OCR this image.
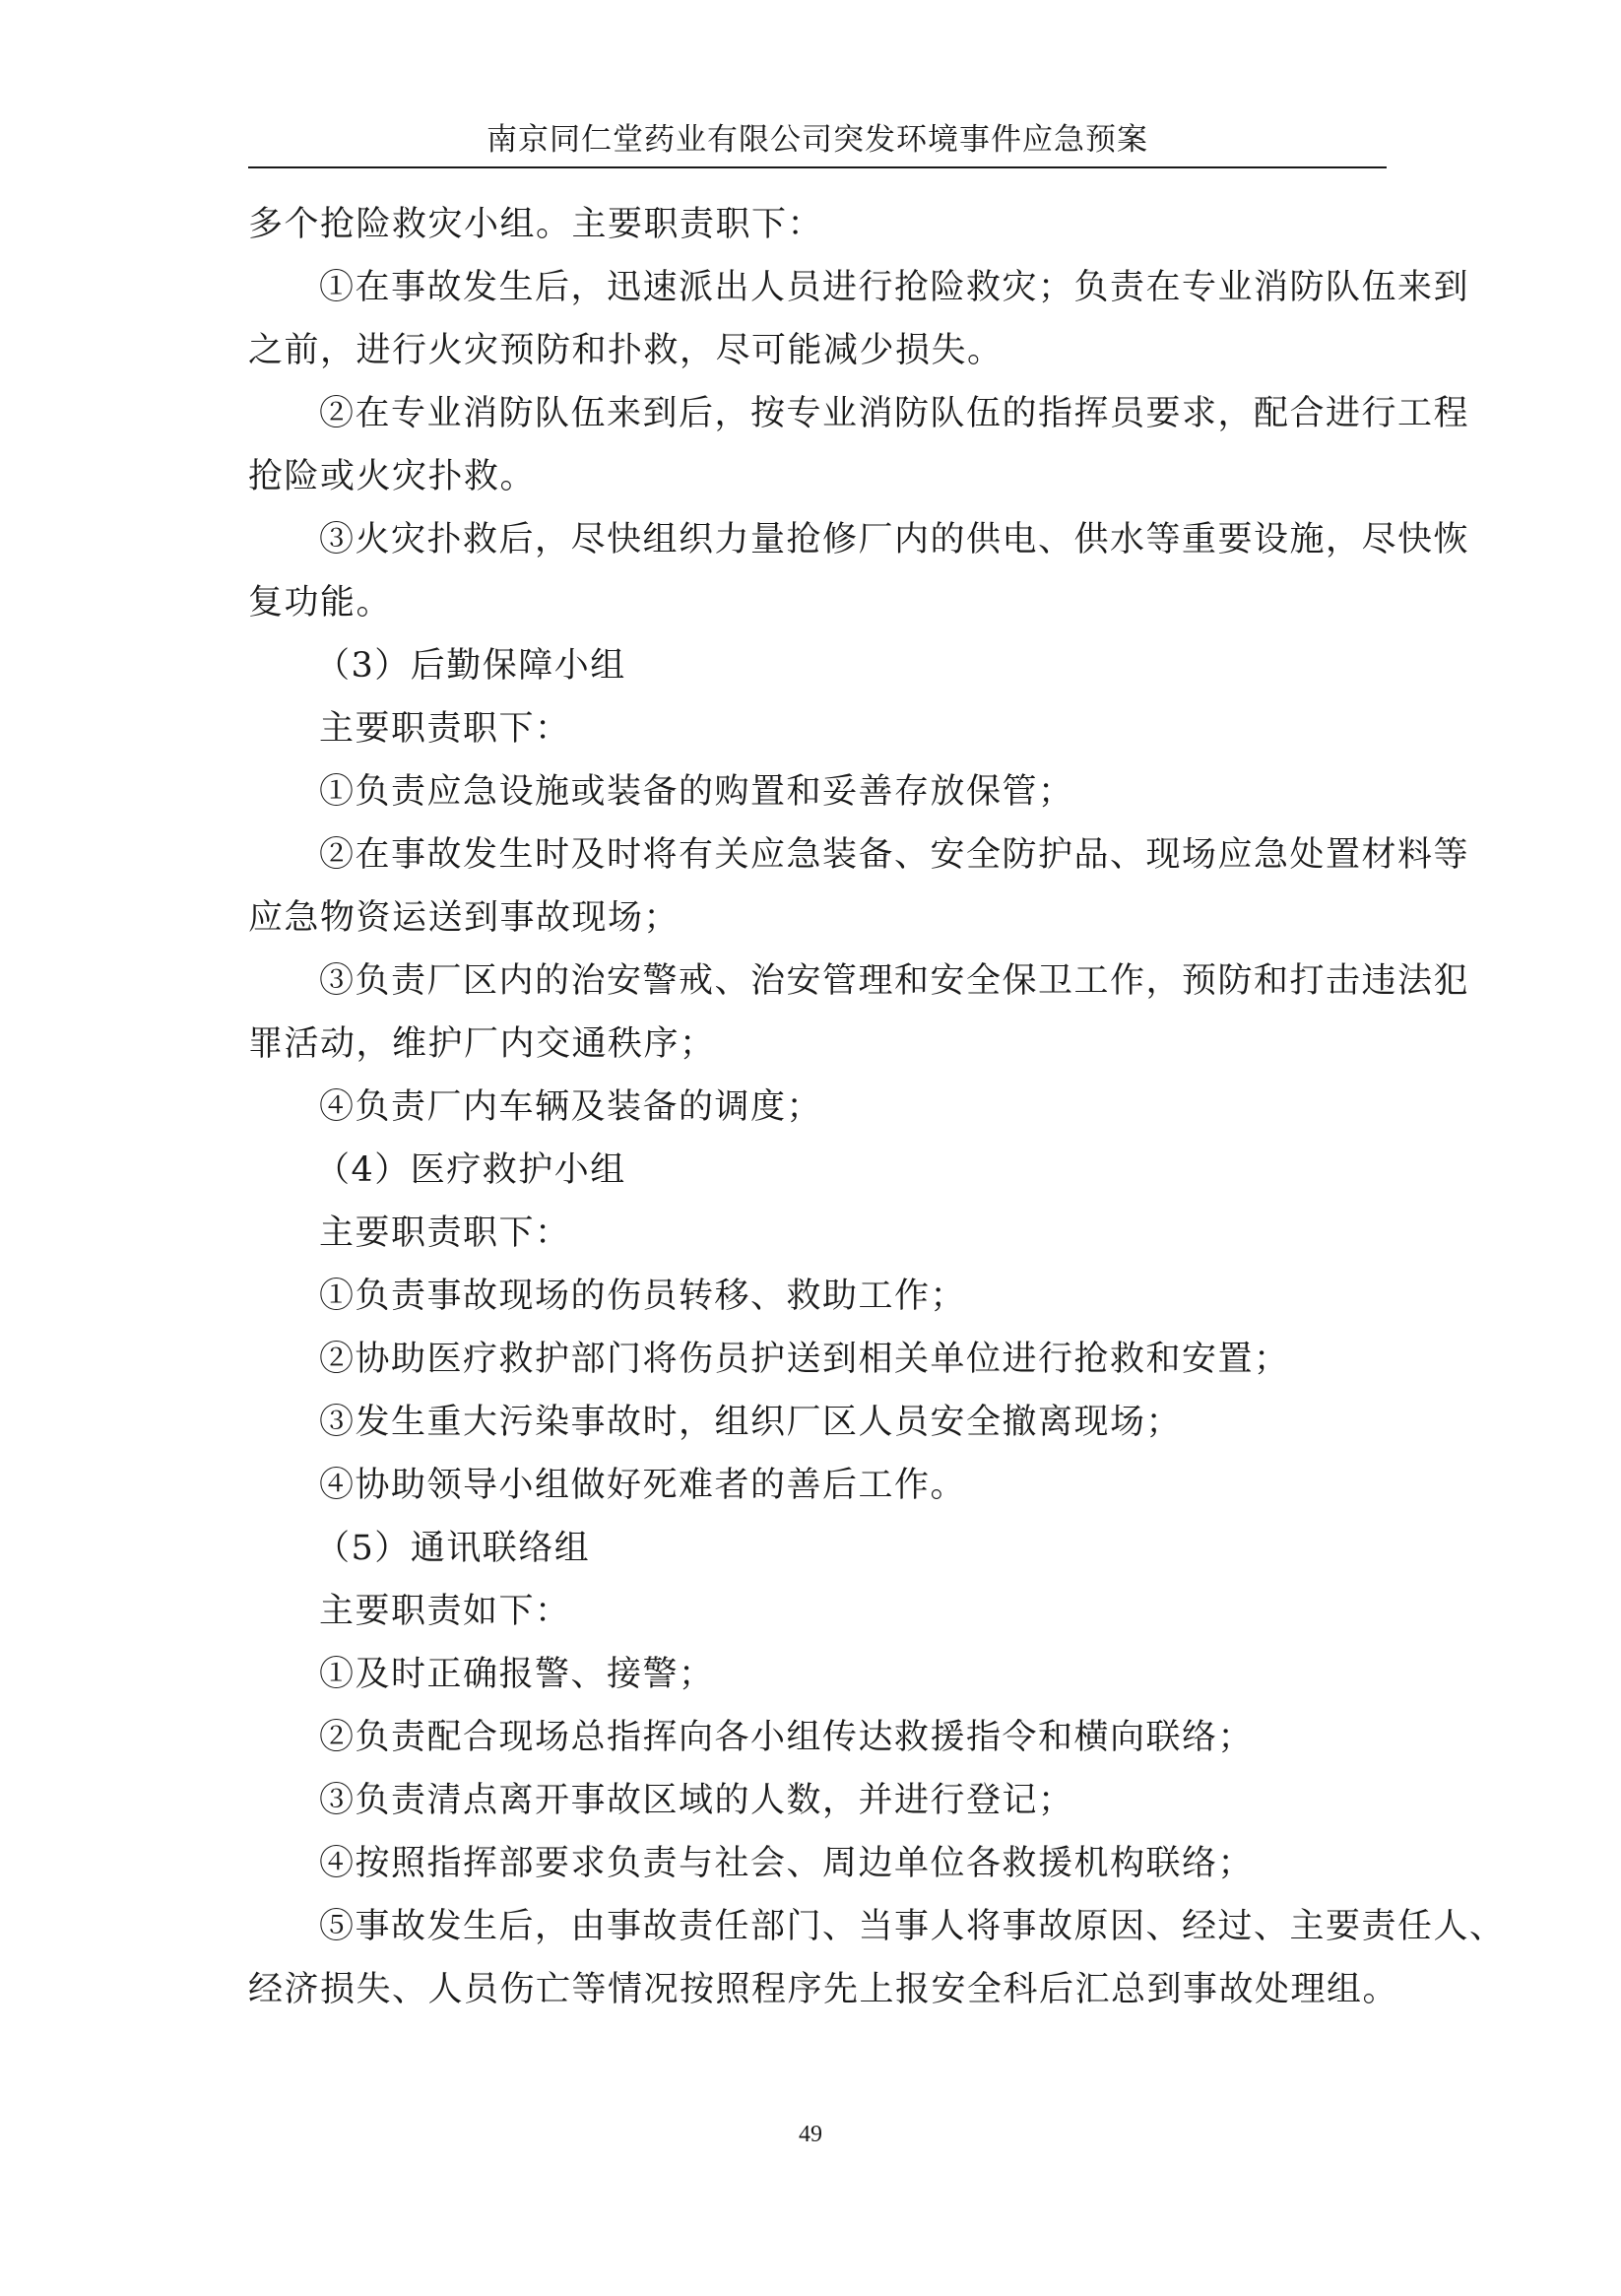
南京同仁堂药业有限公司突发环境事件应急预案
多个抢险救灾小组。主要职责职下：
①在事故发生后，迅速派出人员进行抢险救灾；负责在专业消防队伍来到
之前，进行火灾预防和扑救，尽可能减少损失。
②在专业消防队伍来到后，按专业消防队伍的指挥员要求，配合进行工程
抢险或火灾扑救。
③火灾扑救后，尽快组织力量抢修厂内的供电、供水等重要设施，尽快恢
复功能。
（3）后勤保障小组
主要职责职下：
①负责应急设施或装备的购置和妥善存放保管；
②在事故发生时及时将有关应急装备、安全防护品、现场应急处置材料等
应急物资运送到事故现场；
③负责厂区内的治安警戒、治安管理和安全保卫工作，预防和打击违法犯
罪活动，维护厂内交通秩序；
④负责厂内车辆及装备的调度；
（4）医疗救护小组
主要职责职下：
①负责事故现场的伤员转移、救助工作；
②协助医疗救护部门将伤员护送到相关单位进行抢救和安置；
③发生重大污染事故时，组织厂区人员安全撤离现场；
④协助领导小组做好死难者的善后工作。
（5）通讯联络组
主要职责如下：
①及时正确报警、接警；
②负责配合现场总指挥向各小组传达救援指令和横向联络；
③负责清点离开事故区域的人数，并进行登记；
④按照指挥部要求负责与社会、周边单位各救援机构联络；
⑤事故发生后，由事故责任部门、当事人将事故原因、经过、主要责任人、
经济损失、人员伤亡等情况按照程序先上报安全科后汇总到事故处理组。
49
